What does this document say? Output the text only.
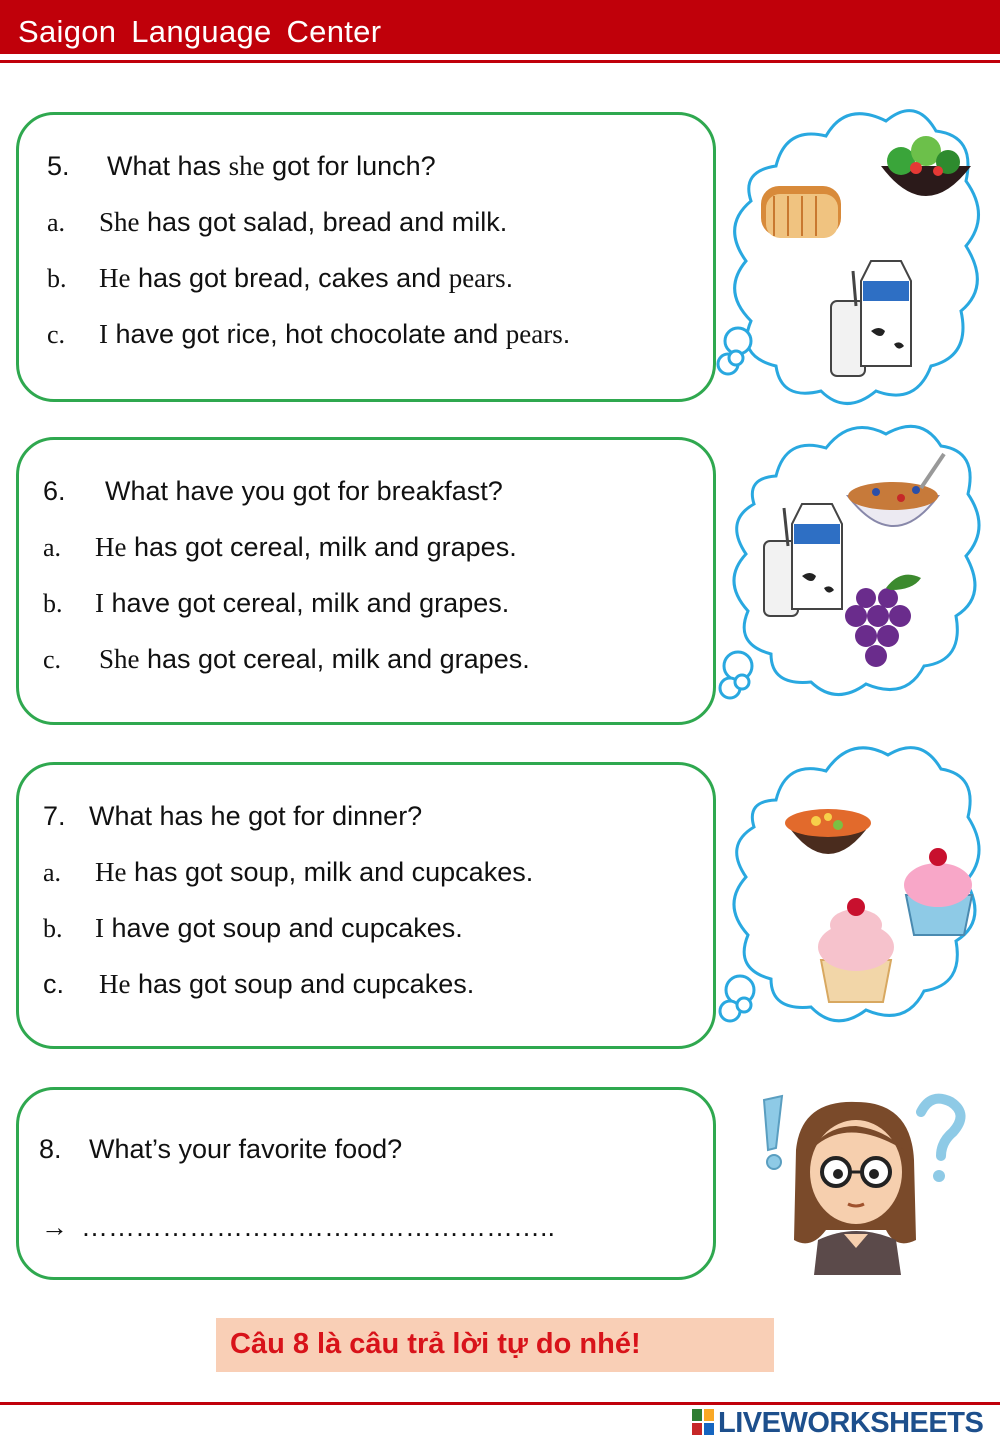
Saigon Language Center
5. What has she got for lunch?
a. She has got salad, bread and milk.
b. He has got bread, cakes and pears.
c. I have got rice, hot chocolate and pears.
6. What have you got for breakfast?
a. He has got cereal, milk and grapes.
b. I have got cereal, milk and grapes.
c. She has got cereal, milk and grapes.
7. What has he got for dinner?
a. He has got soup, milk and cupcakes.
b. I have got soup and cupcakes.
c. He has got soup and cupcakes.
8. What’s your favorite food?
→ ……………………………………………..
Câu 8 là câu trả lời tự do nhé!
LIVEWORKSHEETS
